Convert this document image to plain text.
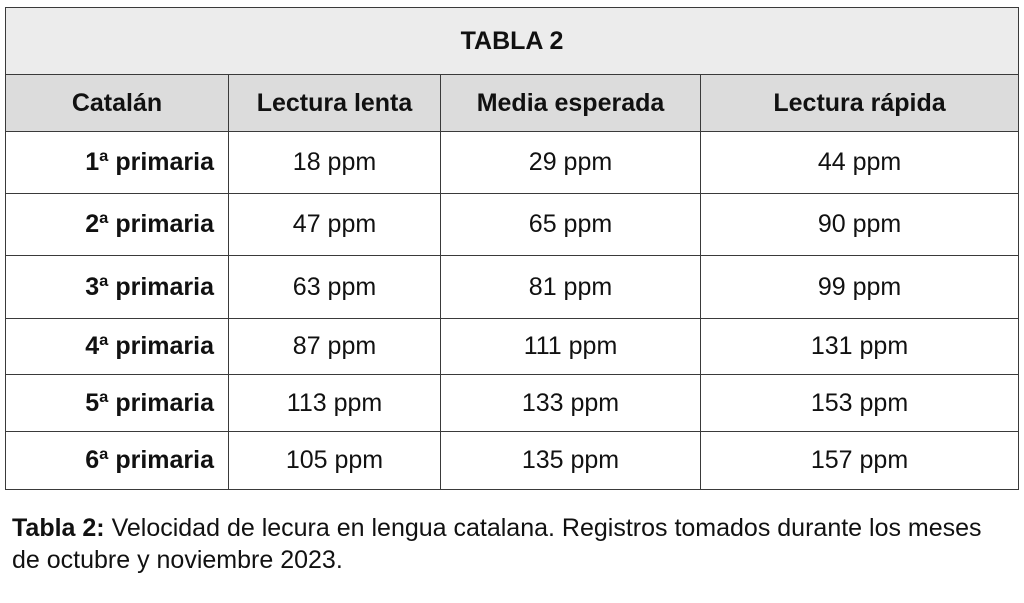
TABLA 2			
Catalán	Lectura lenta	Media esperada	Lectura rápida
1ª primaria	18 ppm	29 ppm	44 ppm
2ª primaria	47 ppm	65 ppm	90 ppm
3ª primaria	63 ppm	81 ppm	99 ppm
4ª primaria	87 ppm	111 ppm	131 ppm
5ª primaria	113 ppm	133 ppm	153 ppm
6ª primaria	105 ppm	135 ppm	157 ppm
Tabla 2: Velocidad de lecura en lengua catalana. Registros tomados durante los meses de octubre y noviembre 2023.
